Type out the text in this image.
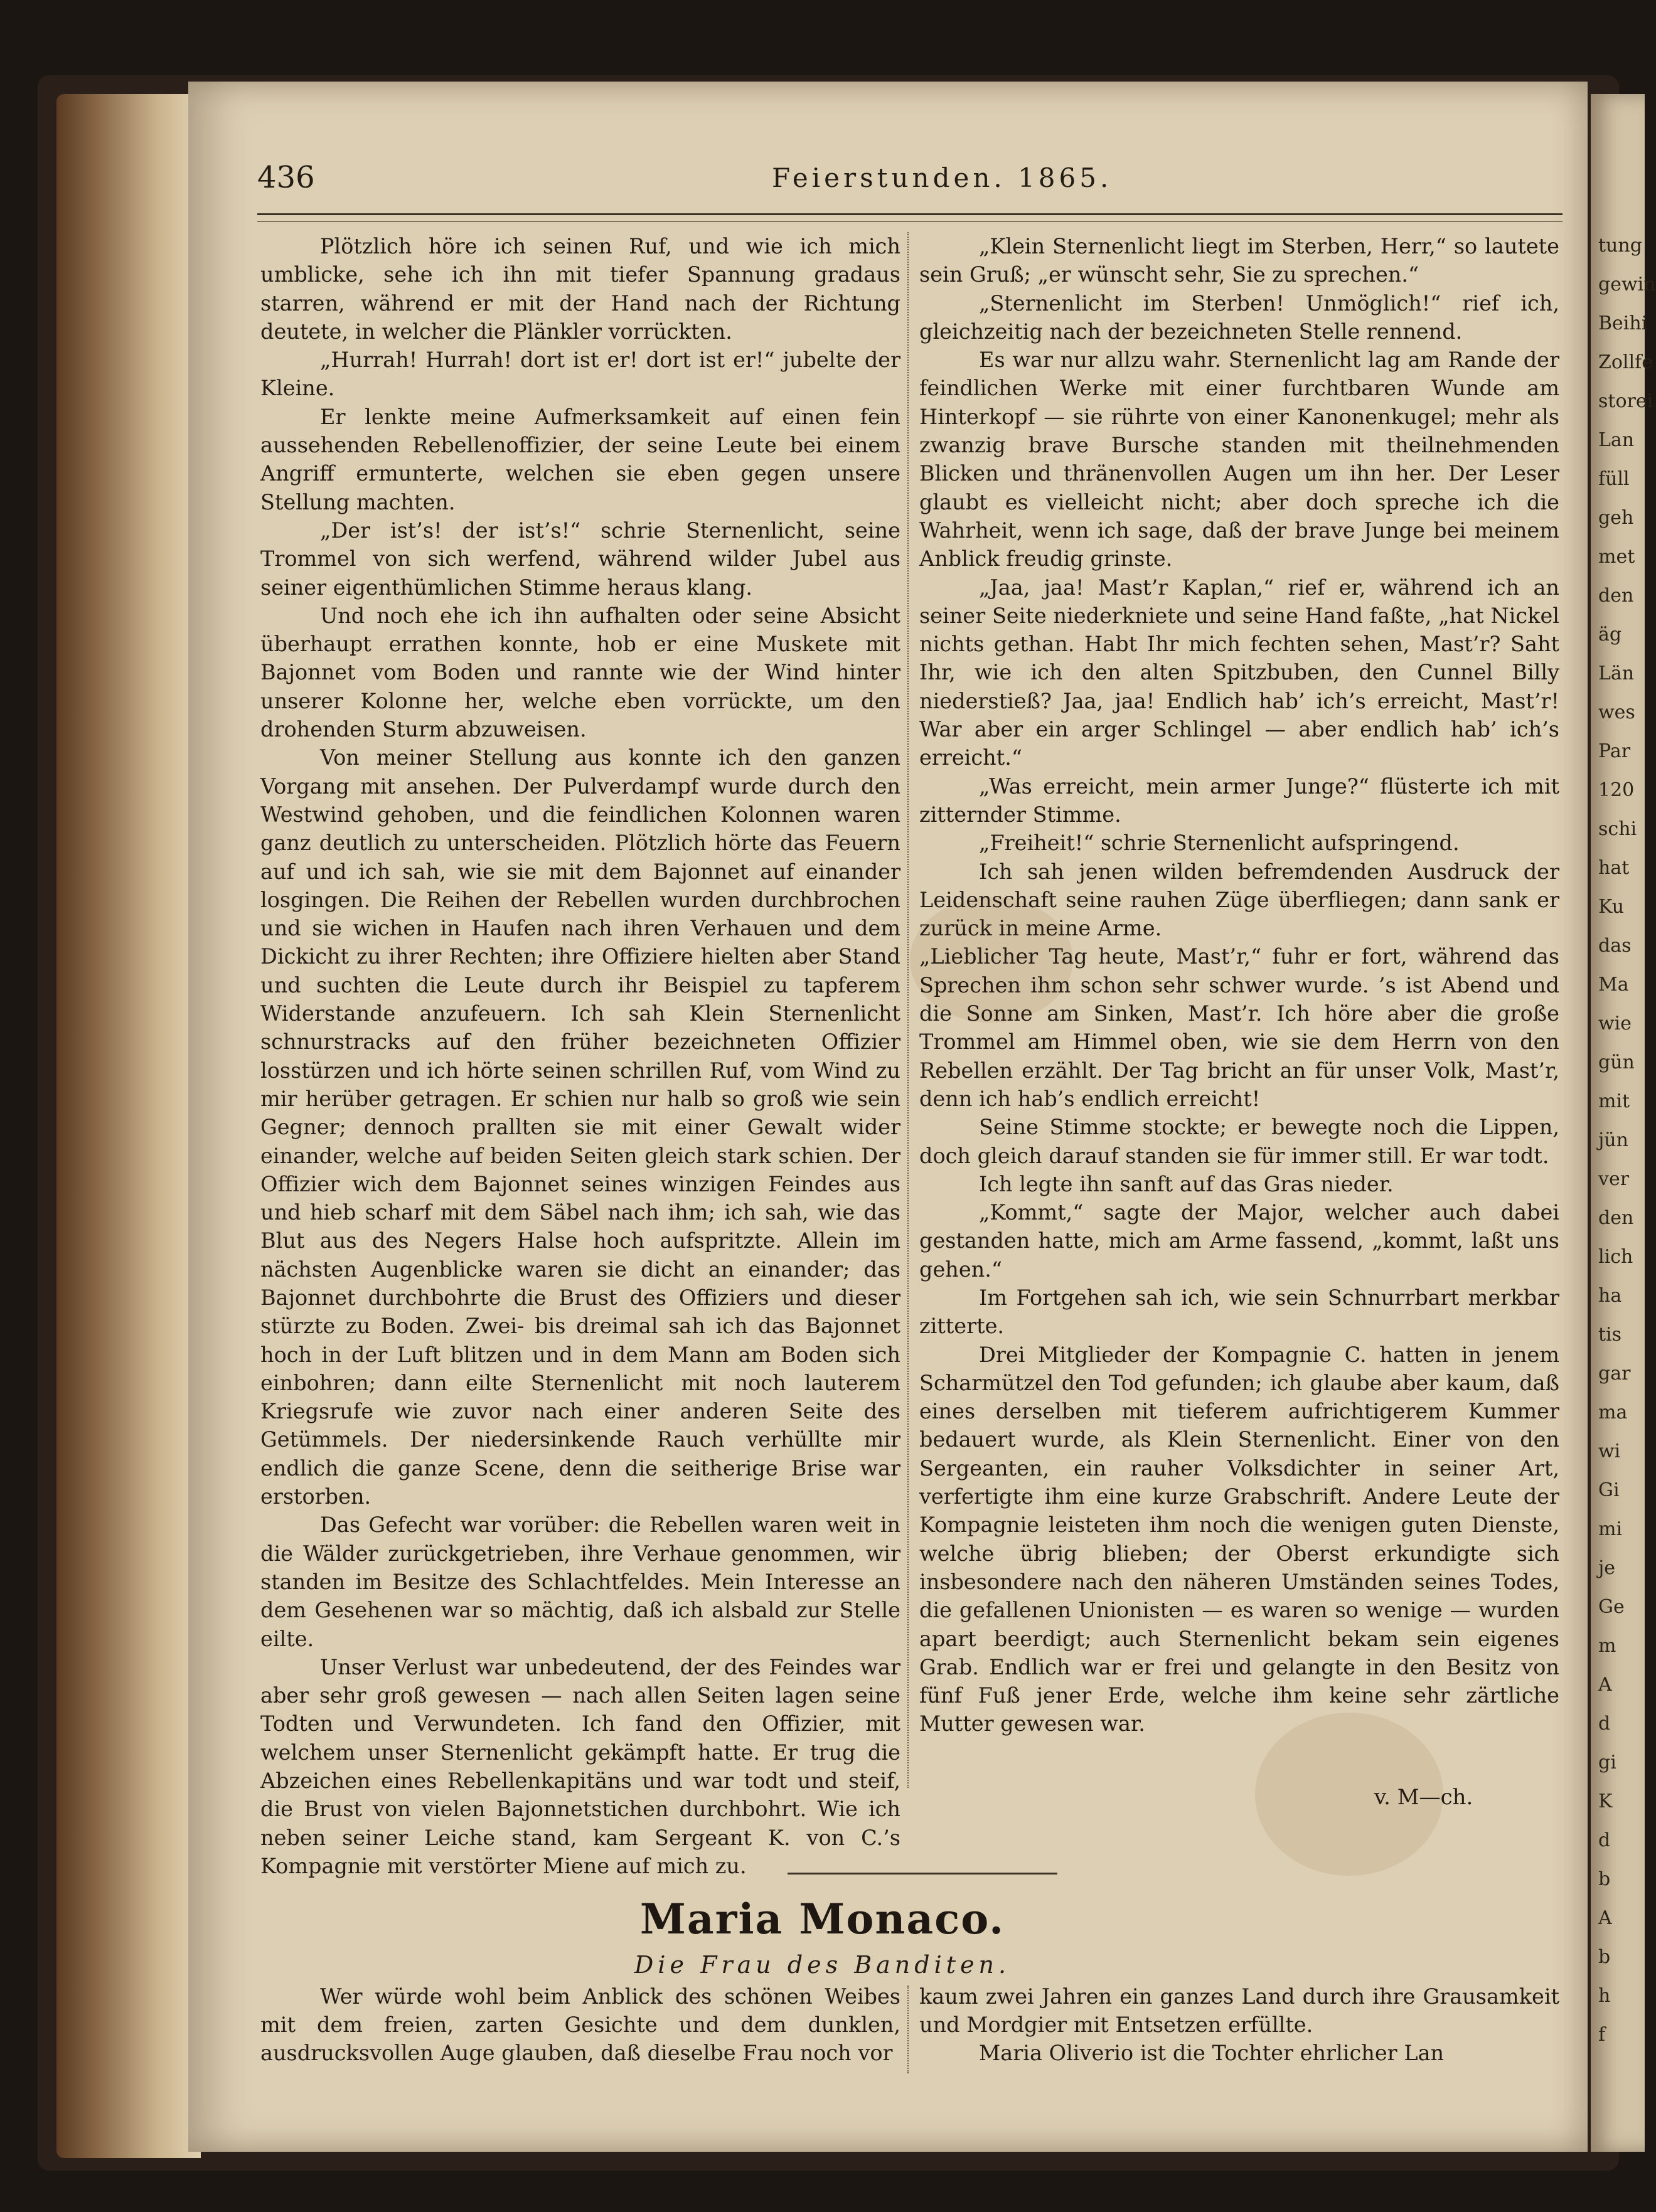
tung
gewin
Beihi
Zollfe
storei
Lan
füll
geh
met
den
äg
Län
wes
Par
120
schi
hat
Ku
das
Ma
wie
gün
mit
jün
ver
den
lich
ha
tis
gar
ma
wi
Gi
mi
je
Ge
m
A
d
gi
K
d
b
A
b
h
f
436	Feierstunden. 1865.

Plötzlich höre ich seinen Ruf, und wie ich mich umblicke, sehe ich ihn mit tiefer Spannung gradaus starren, während er mit der Hand nach der Richtung deutete, in welcher die Plänkler vorrückten.

„Hurrah! Hurrah! dort ist er! dort ist er!“ jubelte der Kleine.

Er lenkte meine Aufmerksamkeit auf einen fein aussehenden Rebellenoffizier, der seine Leute bei einem Angriff ermunterte, welchen sie eben gegen unsere Stellung machten.

„Der ist’s! der ist’s!“ schrie Sternenlicht, seine Trommel von sich werfend, während wilder Jubel aus seiner eigenthümlichen Stimme heraus klang.

Und noch ehe ich ihn aufhalten oder seine Absicht überhaupt errathen konnte, hob er eine Muskete mit Bajonnet vom Boden und rannte wie der Wind hinter unserer Kolonne her, welche eben vorrückte, um den drohenden Sturm abzuweisen.

Von meiner Stellung aus konnte ich den ganzen Vorgang mit ansehen. Der Pulverdampf wurde durch den Westwind gehoben, und die feindlichen Kolonnen waren ganz deutlich zu unterscheiden. Plötzlich hörte das Feuern auf und ich sah, wie sie mit dem Bajonnet auf einander losgingen. Die Reihen der Rebellen wurden durchbrochen und sie wichen in Haufen nach ihren Verhauen und dem Dickicht zu ihrer Rechten; ihre Offiziere hielten aber Stand und suchten die Leute durch ihr Beispiel zu tapferem Widerstande anzufeuern. Ich sah Klein Sternenlicht schnurstracks auf den früher bezeichneten Offizier losstürzen und ich hörte seinen schrillen Ruf, vom Wind zu mir herüber getragen. Er schien nur halb so groß wie sein Gegner; dennoch prallten sie mit einer Gewalt wider einander, welche auf beiden Seiten gleich stark schien. Der Offizier wich dem Bajonnet seines winzigen Feindes aus und hieb scharf mit dem Säbel nach ihm; ich sah, wie das Blut aus des Negers Halse hoch aufspritzte. Allein im nächsten Augenblicke waren sie dicht an einander; das Bajonnet durchbohrte die Brust des Offiziers und dieser stürzte zu Boden. Zwei- bis dreimal sah ich das Bajonnet hoch in der Luft blitzen und in dem Mann am Boden sich einbohren; dann eilte Sternenlicht mit noch lauterem Kriegsrufe wie zuvor nach einer anderen Seite des Getümmels. Der niedersinkende Rauch verhüllte mir endlich die ganze Scene, denn die seitherige Brise war erstorben.

Das Gefecht war vorüber: die Rebellen waren weit in die Wälder zurückgetrieben, ihre Verhaue genommen, wir standen im Besitze des Schlachtfeldes. Mein Interesse an dem Gesehenen war so mächtig, daß ich alsbald zur Stelle eilte.

Unser Verlust war unbedeutend, der des Feindes war aber sehr groß gewesen — nach allen Seiten lagen seine Todten und Verwundeten. Ich fand den Offizier, mit welchem unser Sternenlicht gekämpft hatte. Er trug die Abzeichen eines Rebellenkapitäns und war todt und steif, die Brust von vielen Bajonnetstichen durchbohrt. Wie ich neben seiner Leiche stand, kam Sergeant K. von C.’s Kompagnie mit verstörter Miene auf mich zu.

„Klein Sternenlicht liegt im Sterben, Herr,“ so lautete sein Gruß; „er wünscht sehr, Sie zu sprechen.“

„Sternenlicht im Sterben! Unmöglich!“ rief ich, gleichzeitig nach der bezeichneten Stelle rennend.

Es war nur allzu wahr. Sternenlicht lag am Rande der feindlichen Werke mit einer furchtbaren Wunde am Hinterkopf — sie rührte von einer Kanonenkugel; mehr als zwanzig brave Bursche standen mit theilnehmenden Blicken und thränenvollen Augen um ihn her. Der Leser glaubt es vielleicht nicht; aber doch spreche ich die Wahrheit, wenn ich sage, daß der brave Junge bei meinem Anblick freudig grinste.

„Jaa, jaa! Mast’r Kaplan,“ rief er, während ich an seiner Seite niederkniete und seine Hand faßte, „hat Nickel nichts gethan. Habt Ihr mich fechten sehen, Mast’r? Saht Ihr, wie ich den alten Spitzbuben, den Cunnel Billy niederstieß? Jaa, jaa! Endlich hab’ ich’s erreicht, Mast’r! War aber ein arger Schlingel — aber endlich hab’ ich’s erreicht.“

„Was erreicht, mein armer Junge?“ flüsterte ich mit zitternder Stimme.

„Freiheit!“ schrie Sternenlicht aufspringend.

Ich sah jenen wilden befremdenden Ausdruck der Leidenschaft seine rauhen Züge überfliegen; dann sank er zurück in meine Arme.

„Lieblicher Tag heute, Mast’r,“ fuhr er fort, während das Sprechen ihm schon sehr schwer wurde. ’s ist Abend und die Sonne am Sinken, Mast’r. Ich höre aber die große Trommel am Himmel oben, wie sie dem Herrn von den Rebellen erzählt. Der Tag bricht an für unser Volk, Mast’r, denn ich hab’s endlich erreicht!

Seine Stimme stockte; er bewegte noch die Lippen, doch gleich darauf standen sie für immer still. Er war todt.

Ich legte ihn sanft auf das Gras nieder.

„Kommt,“ sagte der Major, welcher auch dabei gestanden hatte, mich am Arme fassend, „kommt, laßt uns gehen.“

Im Fortgehen sah ich, wie sein Schnurrbart merkbar zitterte.

Drei Mitglieder der Kompagnie C. hatten in jenem Scharmützel den Tod gefunden; ich glaube aber kaum, daß eines derselben mit tieferem aufrichtigerem Kummer bedauert wurde, als Klein Sternenlicht. Einer von den Sergeanten, ein rauher Volksdichter in seiner Art, verfertigte ihm eine kurze Grabschrift. Andere Leute der Kompagnie leisteten ihm noch die wenigen guten Dienste, welche übrig blieben; der Oberst erkundigte sich insbesondere nach den näheren Umständen seines Todes, die gefallenen Unionisten — es waren so wenige — wurden apart beerdigt; auch Sternenlicht bekam sein eigenes Grab. Endlich war er frei und gelangte in den Besitz von fünf Fuß jener Erde, welche ihm keine sehr zärtliche Mutter gewesen war.

v. M—ch.
Maria Monaco.
Die Frau des Banditen.

Wer würde wohl beim Anblick des schönen Weibes mit dem freien, zarten Gesichte und dem dunklen, ausdrucksvollen Auge glauben, daß dieselbe Frau noch vor

kaum zwei Jahren ein ganzes Land durch ihre Grausamkeit und Mordgier mit Entsetzen erfüllte.

Maria Oliverio ist die Tochter ehrlicher Lan
